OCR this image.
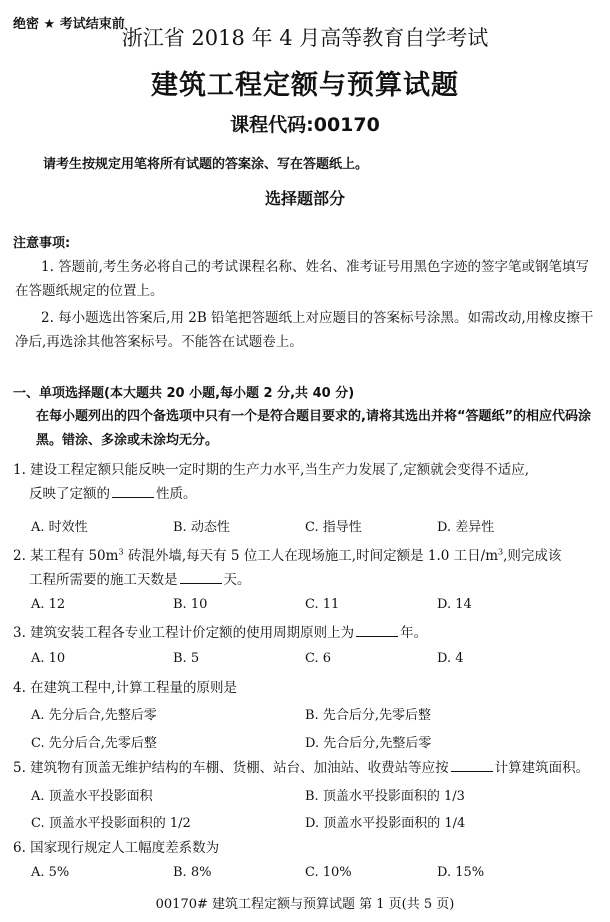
绝密 ★ 考试结束前
浙江省 2018 年 4 月高等教育自学考试
建筑工程定额与预算试题
课程代码:00170
请考生按规定用笔将所有试题的答案涂、写在答题纸上。
选择题部分
注意事项:

1. 答题前,考生务必将自己的考试课程名称、姓名、准考证号用黑色字迹的签字笔或钢笔填写在答题纸规定的位置上。

2. 每小题选出答案后,用 2B 铅笔把答题纸上对应题目的答案标号涂黑。如需改动,用橡皮擦干净后,再选涂其他答案标号。不能答在试题卷上。

一、单项选择题(本大题共 20 小题,每小题 2 分,共 40 分)

在每小题列出的四个备选项中只有一个是符合题目要求的,请将其选出并将“答题纸”的相应代码涂黑。错涂、多涂或未涂均无分。

1. 建设工程定额只能反映一定时期的生产力水平,当生产力发展了,定额就会变得不适应,
反映了定额的	性质。
A. 时效性	B. 动态性	C. 指导性	D. 差异性
2. 某工程有 $50m^3$ 砖混外墙,每天有 5 位工人在现场施工,时间定额是 1.0 工日$/m^3$,则完成该
工程所需要的施工天数是	天。
A. 12	B. 10	C. 11	D. 14
3. 建筑安装工程各专业工程计价定额的使用周期原则上为	年。
A. 10	B. 5	C. 6	D. 4
4. 在建筑工程中,计算工程量的原则是
A. 先分后合,先整后零	B. 先合后分,先零后整
C. 先分后合,先零后整	D. 先合后分,先整后零
5. 建筑物有顶盖无维护结构的车棚、货棚、站台、加油站、收费站等应按	计算建筑面积。
A. 顶盖水平投影面积	B. 顶盖水平投影面积的 1/3
C. 顶盖水平投影面积的 1/2	D. 顶盖水平投影面积的 1/4
6. 国家现行规定人工幅度差系数为
A. 5%	B. 8%	C. 10%	D. 15%
00170# 建筑工程定额与预算试题 第 1 页(共 5 页)
